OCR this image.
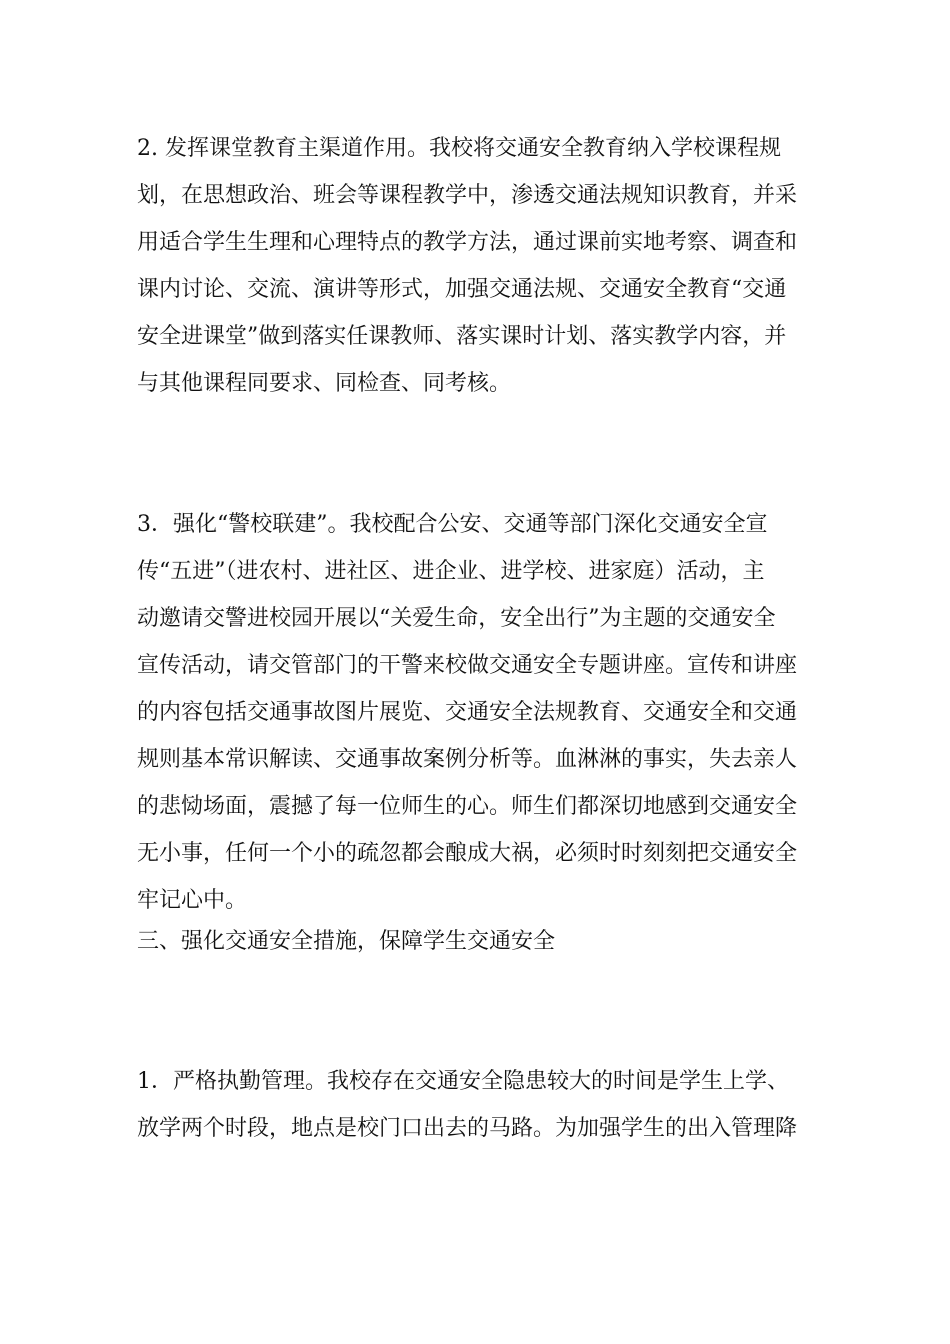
2. 发挥课堂教育主渠道作用。我校将交通安全教育纳入学校课程规

划，在思想政治、班会等课程教学中，渗透交通法规知识教育，并采

用适合学生生理和心理特点的教学方法，通过课前实地考察、调查和

课内讨论、交流、演讲等形式，加强交通法规、交通安全教育“交通

安全进课堂”做到落实任课教师、落实课时计划、落实教学内容，并

与其他课程同要求、同检查、同考核。

3．强化“警校联建”。我校配合公安、交通等部门深化交通安全宣

传“五进”（进农村、进社区、进企业、进学校、进家庭）活动，主

动邀请交警进校园开展以“关爱生命，安全出行”为主题的交通安全

宣传活动，请交管部门的干警来校做交通安全专题讲座。宣传和讲座

的内容包括交通事故图片展览、交通安全法规教育、交通安全和交通

规则基本常识解读、交通事故案例分析等。血淋淋的事实，失去亲人

的悲恸场面，震撼了每一位师生的心。师生们都深切地感到交通安全

无小事，任何一个小的疏忽都会酿成大祸，必须时时刻刻把交通安全

牢记心中。

三、强化交通安全措施，保障学生交通安全

1．严格执勤管理。我校存在交通安全隐患较大的时间是学生上学、

放学两个时段，地点是校门口出去的马路。为加强学生的出入管理降
